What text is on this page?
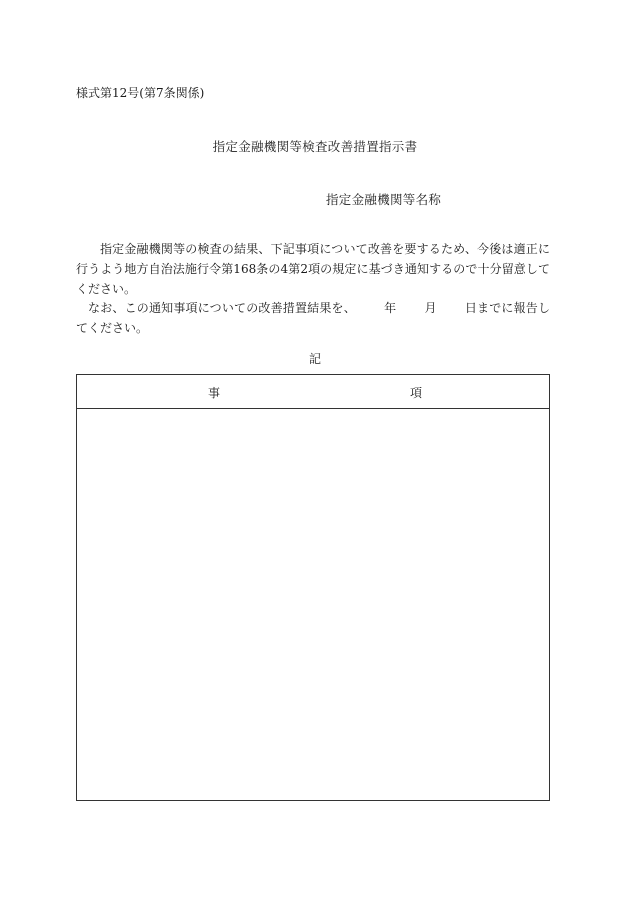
様式第12号(第7条関係)
指定金融機関等検査改善措置指示書
指定金融機関等名称
指定金融機関等の検査の結果、下記事項について改善を要するため、今後は適正に行うよう地方自治法施行令第168条の4第2項の規定に基づき通知するので十分留意してください。
なお、この通知事項についての改善措置結果を、 年 月 日までに報告してください。
記
事	項
